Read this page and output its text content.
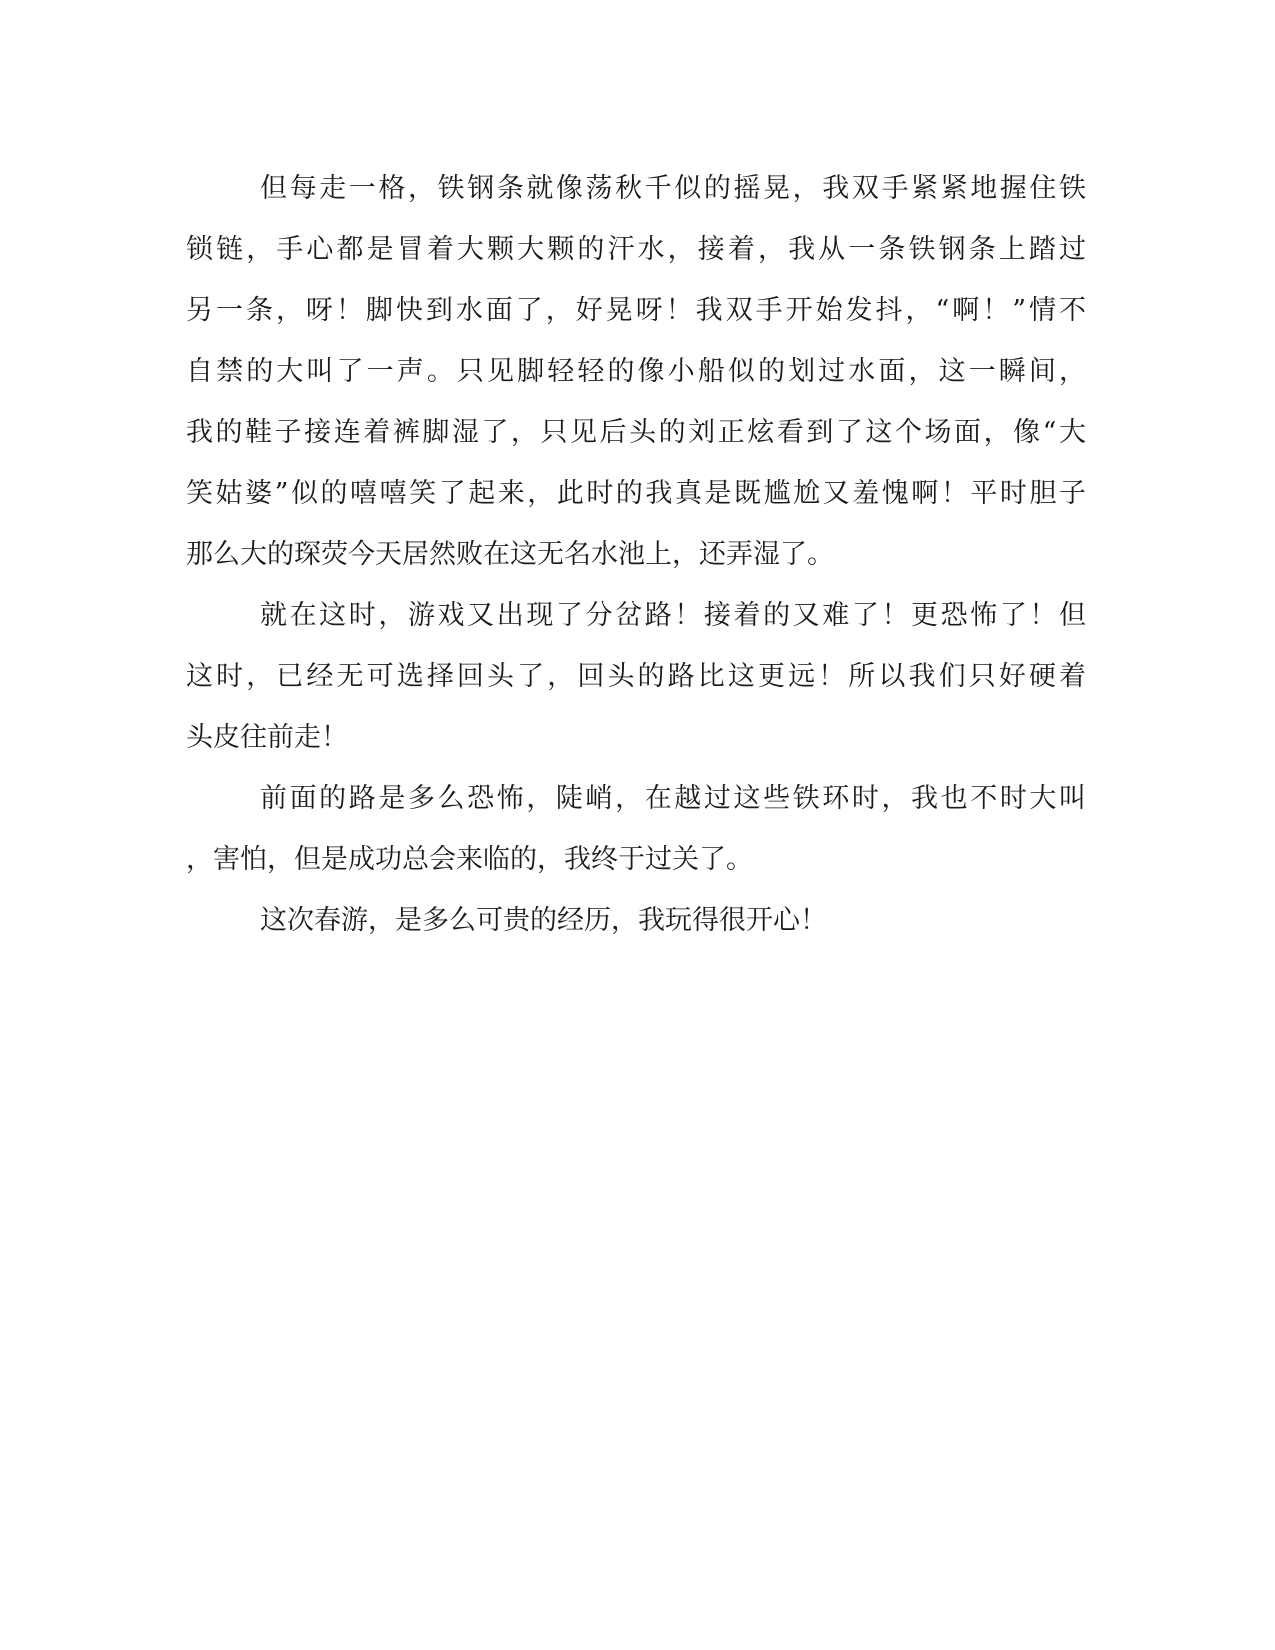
但每走一格，铁钢条就像荡秋千似的摇晃，我双手紧紧地握住铁
锁链，手心都是冒着大颗大颗的汗水，接着，我从一条铁钢条上踏过
另一条，呀！脚快到水面了，好晃呀！我双手开始发抖，“啊！”情不
自禁的大叫了一声。只见脚轻轻的像小船似的划过水面，这一瞬间，
我的鞋子接连着裤脚湿了，只见后头的刘正炫看到了这个场面，像“大
笑姑婆”似的嘻嘻笑了起来，此时的我真是既尴尬又羞愧啊！平时胆子
那么大的琛荧今天居然败在这无名水池上，还弄湿了。
就在这时，游戏又出现了分岔路！接着的又难了！更恐怖了！但
这时，已经无可选择回头了，回头的路比这更远！所以我们只好硬着
头皮往前走！
前面的路是多么恐怖，陡峭，在越过这些铁环时，我也不时大叫
，害怕，但是成功总会来临的，我终于过关了。
这次春游，是多么可贵的经历，我玩得很开心！
